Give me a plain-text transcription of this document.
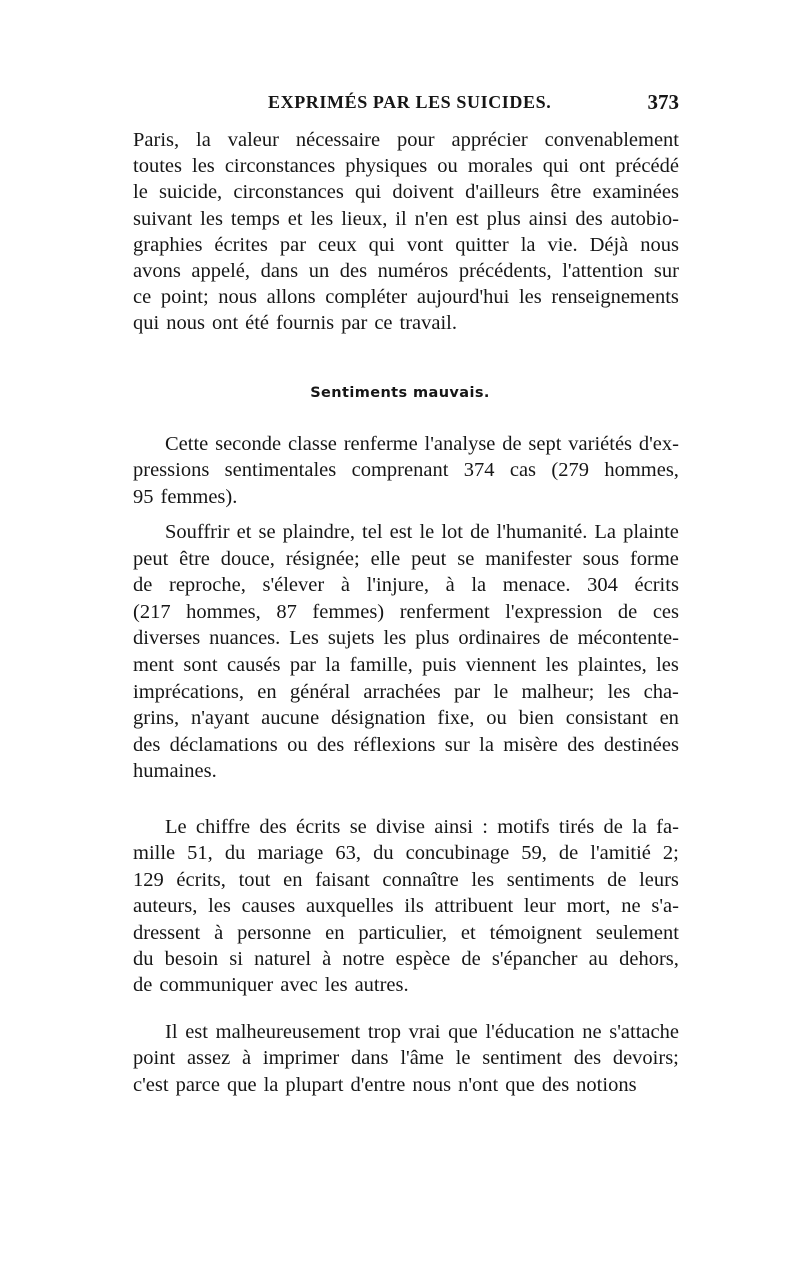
EXPRIMÉS PAR LES SUICIDES.	373
Paris, la valeur nécessaire pour apprécier convenablement
toutes les circonstances physiques ou morales qui ont précédé
le suicide, circonstances qui doivent d'ailleurs être examinées
suivant les temps et les lieux, il n'en est plus ainsi des autobio-
graphies écrites par ceux qui vont quitter la vie. Déjà nous
avons appelé, dans un des numéros précédents, l'attention sur
ce point; nous allons compléter aujourd'hui les renseignements
qui nous ont été fournis par ce travail.
Sentiments mauvais.
Cette seconde classe renferme l'analyse de sept variétés d'ex-
pressions sentimentales comprenant 374 cas (279 hommes,
95 femmes).
Souffrir et se plaindre, tel est le lot de l'humanité. La plainte
peut être douce, résignée; elle peut se manifester sous forme
de reproche, s'élever à l'injure, à la menace. 304 écrits
(217 hommes, 87 femmes) renferment l'expression de ces
diverses nuances. Les sujets les plus ordinaires de mécontente-
ment sont causés par la famille, puis viennent les plaintes, les
imprécations, en général arrachées par le malheur; les cha-
grins, n'ayant aucune désignation fixe, ou bien consistant en
des déclamations ou des réflexions sur la misère des destinées
humaines.
Le chiffre des écrits se divise ainsi : motifs tirés de la fa-
mille 51, du mariage 63, du concubinage 59, de l'amitié 2;
129 écrits, tout en faisant connaître les sentiments de leurs
auteurs, les causes auxquelles ils attribuent leur mort, ne s'a-
dressent à personne en particulier, et témoignent seulement
du besoin si naturel à notre espèce de s'épancher au dehors,
de communiquer avec les autres.
Il est malheureusement trop vrai que l'éducation ne s'attache
point assez à imprimer dans l'âme le sentiment des devoirs;
c'est parce que la plupart d'entre nous n'ont que des notions
